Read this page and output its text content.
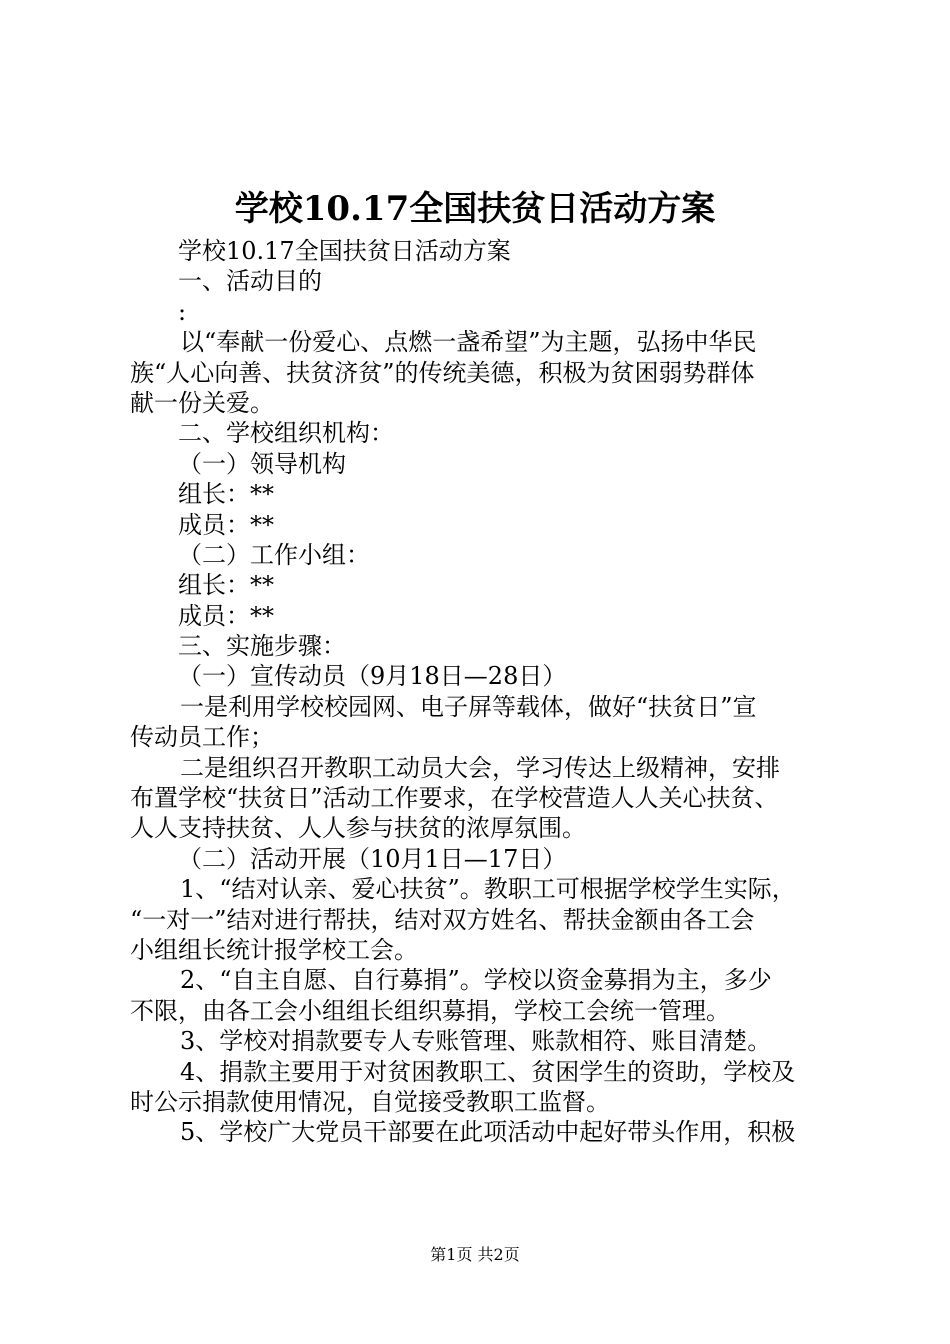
学校10.17全国扶贫日活动方案
学校10.17全国扶贫日活动方案
一、活动目的
:
以“奉献一份爱心、点燃一盏希望”为主题，弘扬中华民
族“人心向善、扶贫济贫”的传统美德，积极为贫困弱势群体
献一份关爱。
二、学校组织机构：
（一）领导机构
组长：**
成员：**
（二）工作小组：
组长：**
成员：**
三、实施步骤：
（一）宣传动员（9月18日—28日）
一是利用学校校园网、电子屏等载体，做好“扶贫日”宣
传动员工作；
二是组织召开教职工动员大会，学习传达上级精神，安排
布置学校“扶贫日”活动工作要求，在学校营造人人关心扶贫、
人人支持扶贫、人人参与扶贫的浓厚氛围。
（二）活动开展（10月1日—17日）
1、“结对认亲、爱心扶贫”。教职工可根据学校学生实际，
“一对一”结对进行帮扶，结对双方姓名、帮扶金额由各工会
小组组长统计报学校工会。
2、“自主自愿、自行募捐”。学校以资金募捐为主，多少
不限，由各工会小组组长组织募捐，学校工会统一管理。
3、学校对捐款要专人专账管理、账款相符、账目清楚。
4、捐款主要用于对贫困教职工、贫困学生的资助，学校及
时公示捐款使用情况，自觉接受教职工监督。
5、学校广大党员干部要在此项活动中起好带头作用，积极
第1页 共2页
